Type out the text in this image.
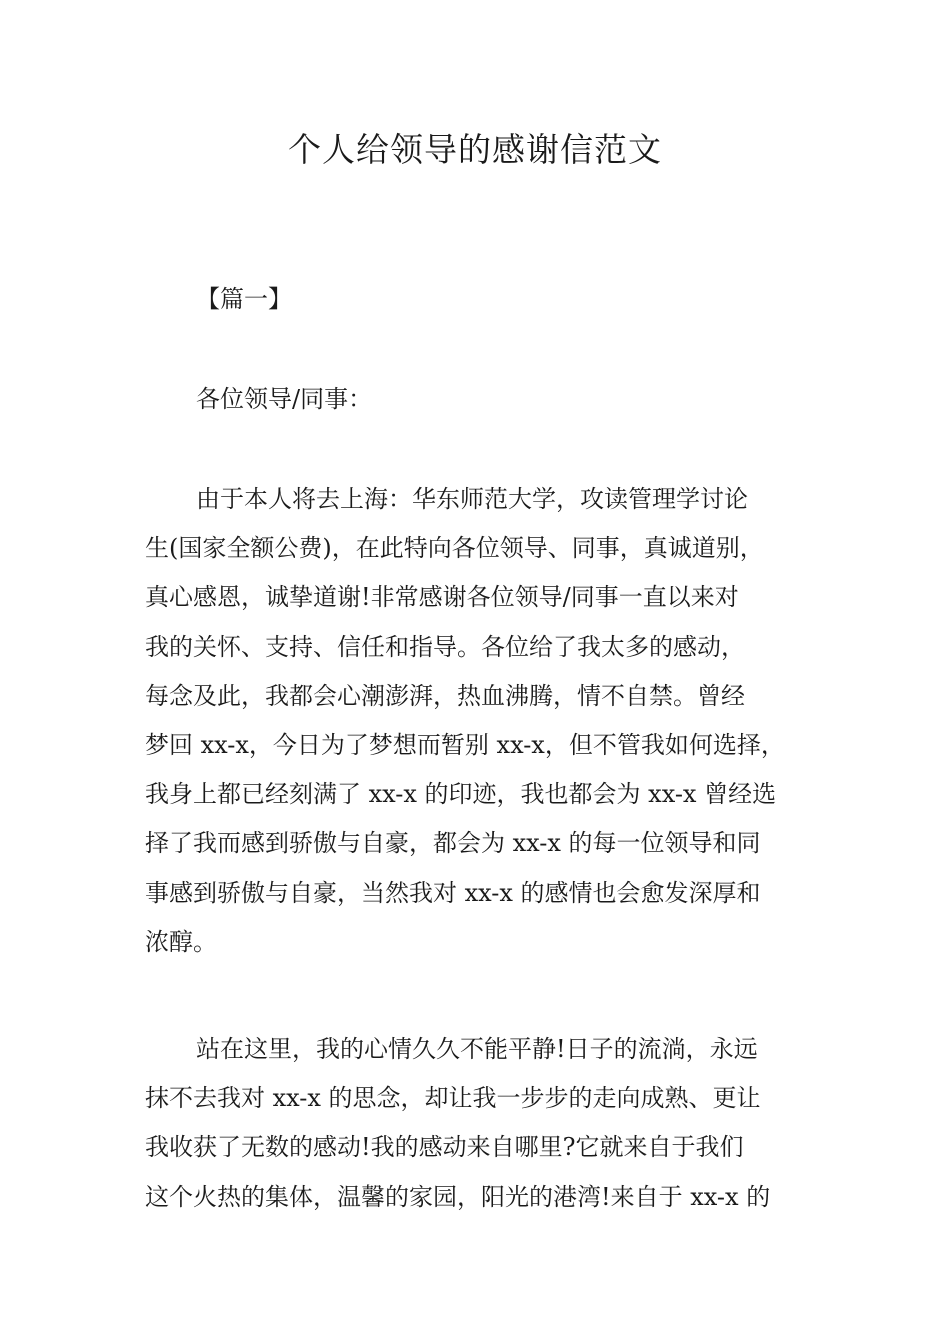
个人给领导的感谢信范文
【篇一】
各位领导/同事：
由于本人将去上海：华东师范大学，攻读管理学讨论
生(国家全额公费)，在此特向各位领导、同事，真诚道别，
真心感恩，诚挚道谢!非常感谢各位领导/同事一直以来对
我的关怀、支持、信任和指导。各位给了我太多的感动，
每念及此，我都会心潮澎湃，热血沸腾，情不自禁。曾经
梦回 xx-x，今日为了梦想而暂别 xx-x，但不管我如何选择，
我身上都已经刻满了 xx-x 的印迹，我也都会为 xx-x 曾经选
择了我而感到骄傲与自豪，都会为 xx-x 的每一位领导和同
事感到骄傲与自豪，当然我对 xx-x 的感情也会愈发深厚和
浓醇。
站在这里，我的心情久久不能平静!日子的流淌，永远
抹不去我对 xx-x 的思念，却让我一步步的走向成熟、更让
我收获了无数的感动!我的感动来自哪里?它就来自于我们
这个火热的集体，温馨的家园，阳光的港湾!来自于 xx-x 的
